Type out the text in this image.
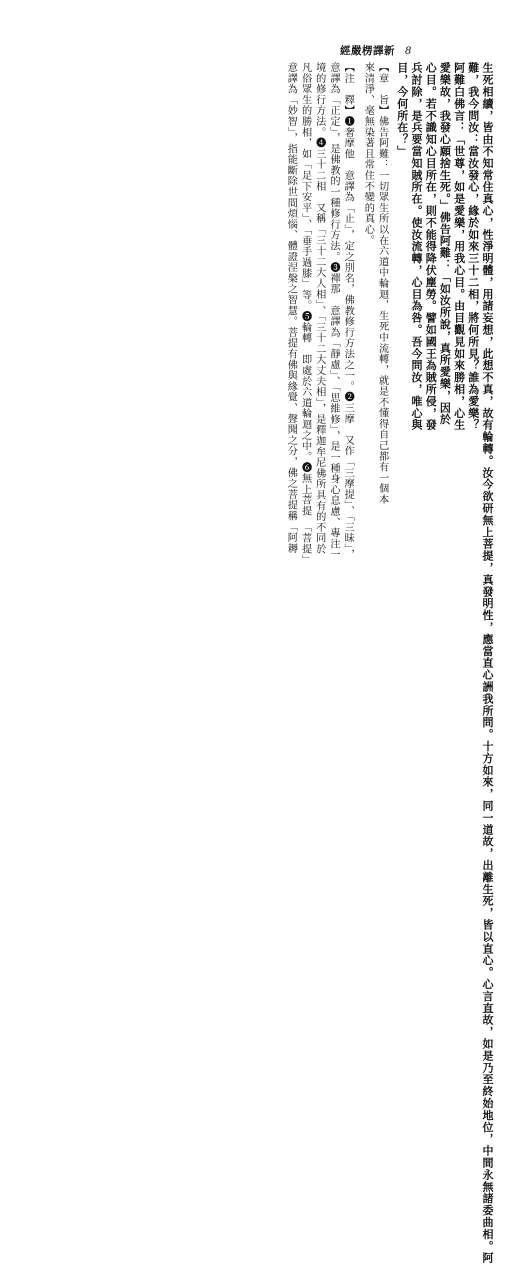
經嚴楞譯新 8

生死相續，皆由不知常住真心，性淨明體，用諸妄想，此想不真，故有輪轉。汝今欲研無上菩提，真發明性，應當直心詶我所問。十方如來，同一道故，出離生死，皆以直心。心言直故，如是乃至終始地位，中間永無諸委曲相。阿

難，我今問汝：當汝發心，緣於如來三十二相，將何所見？誰為愛樂？

阿難白佛言：「世尊，如是愛樂，用我心目。由目觀見如來勝相，心生

愛樂故，我發心願捨生死。」佛告阿難：「如汝所說，真所愛樂，因於

心目。若不識知心目所在，則不能得降伏塵勞。譬如國王為賊所侵，發

兵討除，是兵要當知賊所在。使汝流轉，心目為咎。吾今問汝，唯心與

目，今何所在？」

【章　旨】佛告阿難：一切眾生所以在六道中輪迴，生死中流轉，就是不懂得自己都有一個本

來清淨、毫無染著且常住不變的真心。

【注　釋】❶奢摩他　意譯為「止」，定之別名，佛教修行方法之一。❷三摩　又作「三摩提」、「三昧」，

意譯為「正定」，是佛教的一種修行方法。❸禪那　意譯為「靜慮」、「思維修」，是一種身心息慮、專注一

境的修行方法。❹三十二相　又稱「三十二大人相」、「三十二大丈夫相」，是釋迦牟尼佛所具有的不同於

凡俗眾生的勝相，如「足下安平」、「垂手過膝」等。❺輪轉　即處於六道輪迴之中。❻無上菩提　「菩提」

意譯為「妙智」，指能斷除世間煩惱、體證涅槃之智慧。菩提有佛與緣覺、聲聞之分，佛之菩提稱「阿耨
